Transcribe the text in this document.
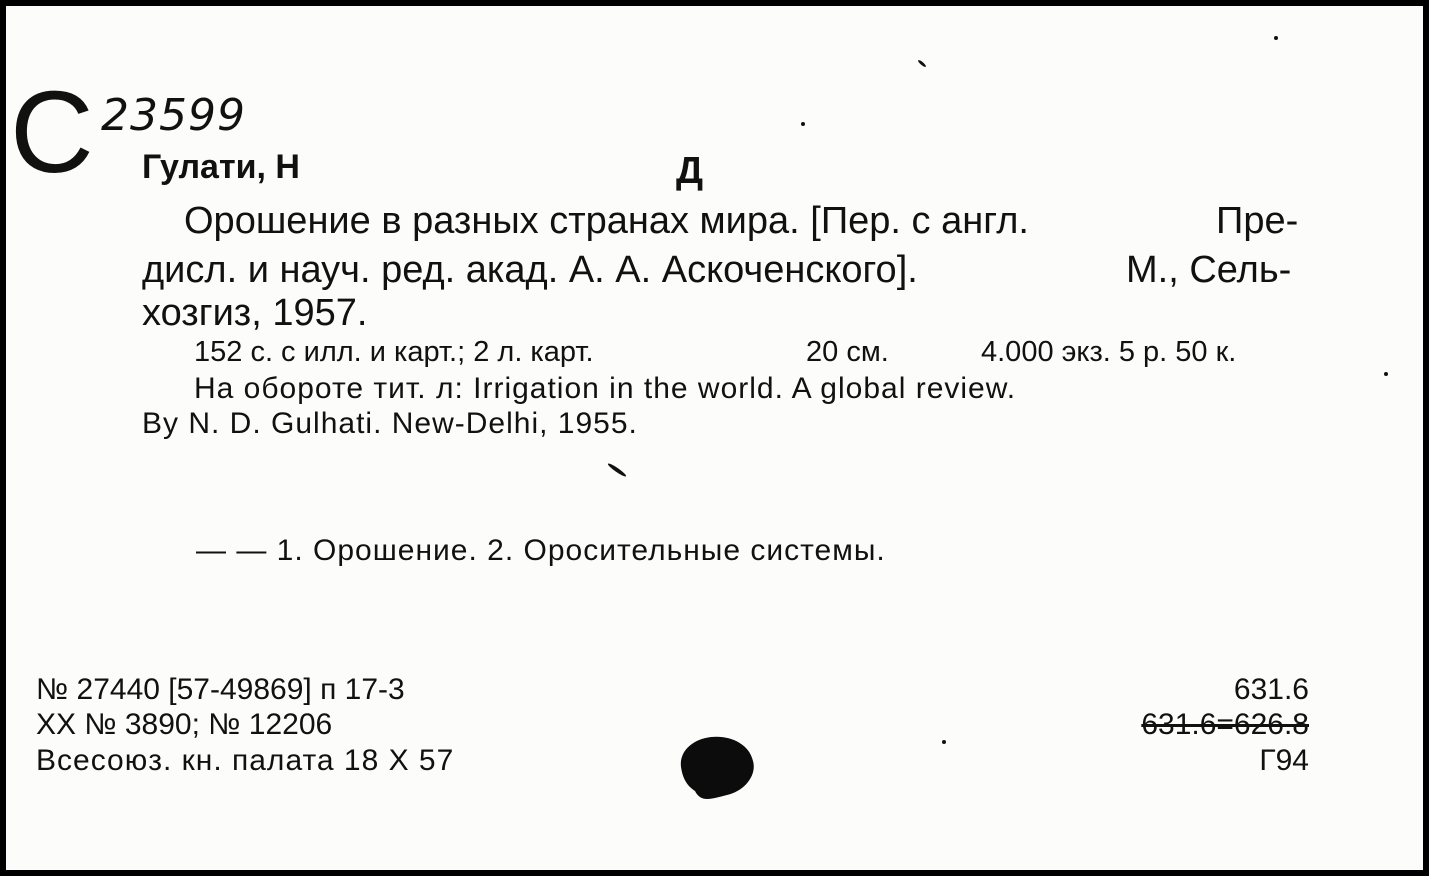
С 23599
Гулати, Н	Д
Орошение в разных странах мира. [Пер. с англ.	Пре-
дисл. и науч. ред. акад. А. А. Аскоченского].	М., Сель-
хозгиз, 1957.
152 с. с илл. и карт.; 2 л. карт.	20 см.	4.000 экз. 5 р. 50 к.
На обороте тит. л: Irrigation in the world. A global review.
By N. D. Gulhati. New-Delhi, 1955.
— — 1. Орошение. 2. Оросительные системы.
№ 27440 [57-49869] п 17-3
XX № 3890; № 12206
Всесоюз. кн. палата 18 X 57
631.6
631.6=626.8
Г94
